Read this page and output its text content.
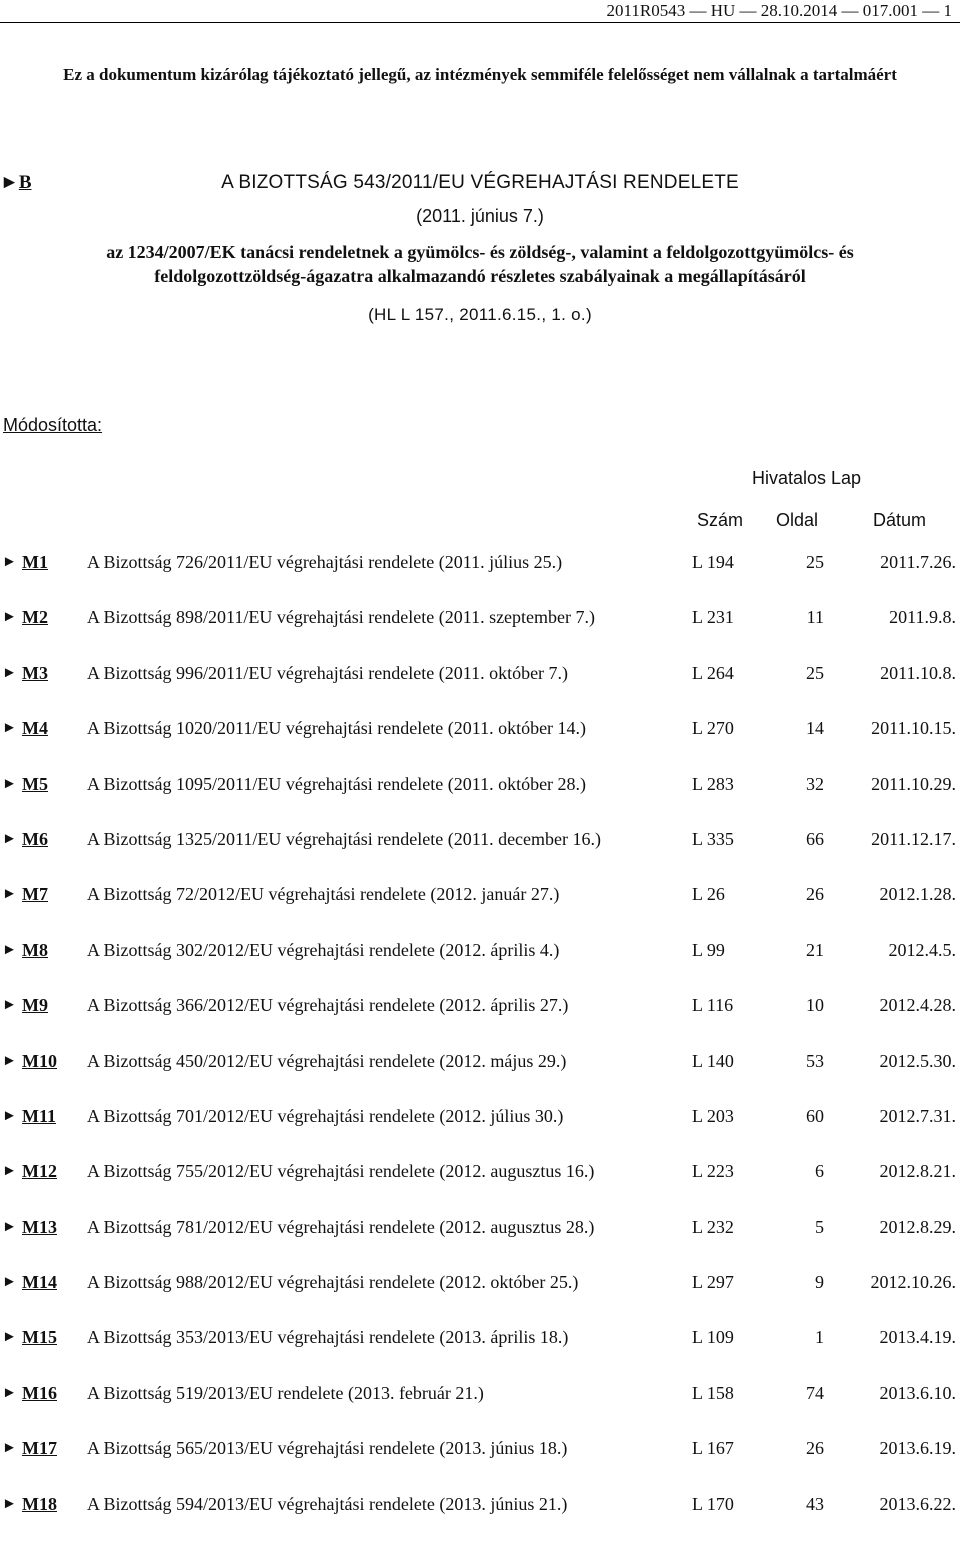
2011R0543 — HU — 28.10.2014 — 017.001 — 1
Ez a dokumentum kizárólag tájékoztató jellegű, az intézmények semmiféle felelősséget nem vállalnak a tartalmáért
►B	A BIZOTTSÁG 543/2011/EU VÉGREHAJTÁSI RENDELETE
(2011. június 7.)
az 1234/2007/EK tanácsi rendeletnek a gyümölcs- és zöldség-, valamint a feldolgozottgyümölcs- és feldolgozottzöldség-ágazatra alkalmazandó részletes szabályainak a megállapításáról
(HL L 157., 2011.6.15., 1. o.)
Módosította:
Hivatalos Lap
Szám Oldal	Dátum
► M1 A Bizottság 726/2011/EU végrehajtási rendelete (2011. július 25.)	L 194	25	2011.7.26.
► M2 A Bizottság 898/2011/EU végrehajtási rendelete (2011. szeptember 7.)	L 231	11	2011.9.8.
► M3 A Bizottság 996/2011/EU végrehajtási rendelete (2011. október 7.)	L 264	25	2011.10.8.
► M4 A Bizottság 1020/2011/EU végrehajtási rendelete (2011. október 14.)	L 270	14	2011.10.15.
► M5 A Bizottság 1095/2011/EU végrehajtási rendelete (2011. október 28.)	L 283	32	2011.10.29.
► M6 A Bizottság 1325/2011/EU végrehajtási rendelete (2011. december 16.)	L 335	66	2011.12.17.
► M7 A Bizottság 72/2012/EU végrehajtási rendelete (2012. január 27.)	L 26	26	2012.1.28.
► M8 A Bizottság 302/2012/EU végrehajtási rendelete (2012. április 4.)	L 99	21	2012.4.5.
► M9 A Bizottság 366/2012/EU végrehajtási rendelete (2012. április 27.)	L 116	10	2012.4.28.
► M10 A Bizottság 450/2012/EU végrehajtási rendelete (2012. május 29.)	L 140	53	2012.5.30.
► M11 A Bizottság 701/2012/EU végrehajtási rendelete (2012. július 30.)	L 203	60	2012.7.31.
► M12 A Bizottság 755/2012/EU végrehajtási rendelete (2012. augusztus 16.)	L 223	6	2012.8.21.
► M13 A Bizottság 781/2012/EU végrehajtási rendelete (2012. augusztus 28.)	L 232	5	2012.8.29.
► M14 A Bizottság 988/2012/EU végrehajtási rendelete (2012. október 25.)	L 297	9	2012.10.26.
► M15 A Bizottság 353/2013/EU végrehajtási rendelete (2013. április 18.)	L 109	1	2013.4.19.
► M16 A Bizottság 519/2013/EU rendelete (2013. február 21.)	L 158	74	2013.6.10.
► M17 A Bizottság 565/2013/EU végrehajtási rendelete (2013. június 18.)	L 167	26	2013.6.19.
► M18 A Bizottság 594/2013/EU végrehajtási rendelete (2013. június 21.)	L 170	43	2013.6.22.
